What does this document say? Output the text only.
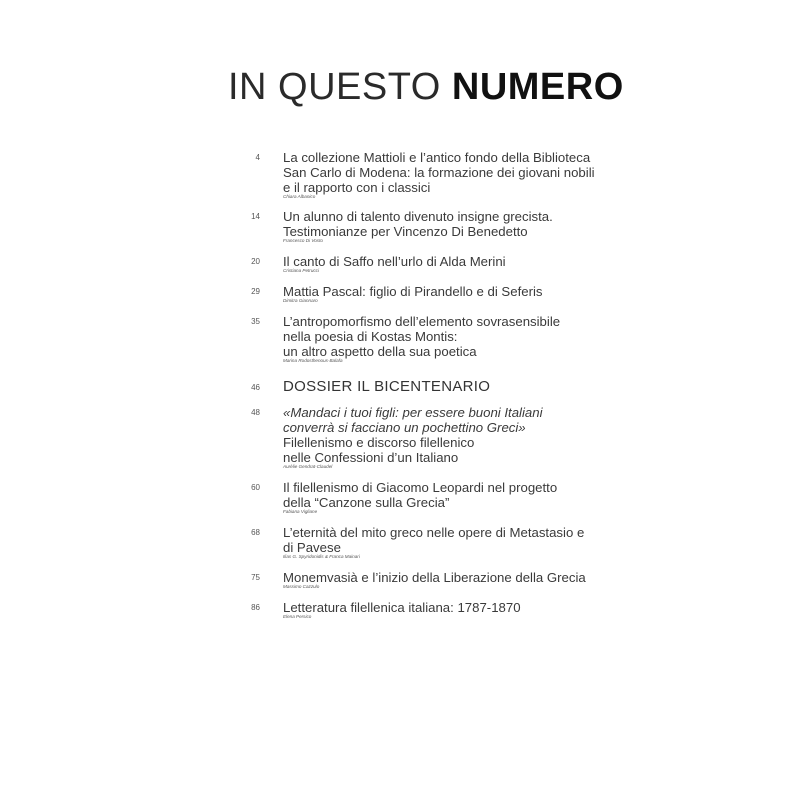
IN QUESTO NUMERO
4 La collezione Mattioli e l’antico fondo della Biblioteca
San Carlo di Modena: la formazione dei giovani nobili
e il rapporto con i classici
Chiara Albanico
14 Un alunno di talento divenuto insigne grecista.
Testimonianze per Vincenzo Di Benedetto
Francesco Di Vosto
20 Il canto di Saffo nell’urlo di Alda Merini
Cristiana Petrucci
29 Mattia Pascal: figlio di Pirandello e di Seferis
Dimitra Giannaro
35 L’antropomorfismo dell’elemento sovrasensibile
nella poesia di Kostas Montis:
un altro aspetto della sua poetica
Marina Rodosthenous-Balafa
46 DOSSIER IL BICENTENARIO
48 «Mandaci i tuoi figli: per essere buoni Italiani
converrà si facciano un pochettino Greci»
Filellenismo e discorso filellenico
nelle Confessioni d’un Italiano
Aurèlie Gendrat-Claudel
60 Il filellenismo di Giacomo Leopardi nel progetto
della “Canzone sulla Grecia”
Fabiana Vigliane
68 L’eternità del mito greco nelle opere di Metastasio e
di Pavese
Ilias G. Spyridonidis & Franca Mainari
75 Monemvasià e l’inizio della Liberazione della Grecia
Massimo Cazzulo
86 Letteratura filellenica italiana: 1787-1870
Elena Persico
